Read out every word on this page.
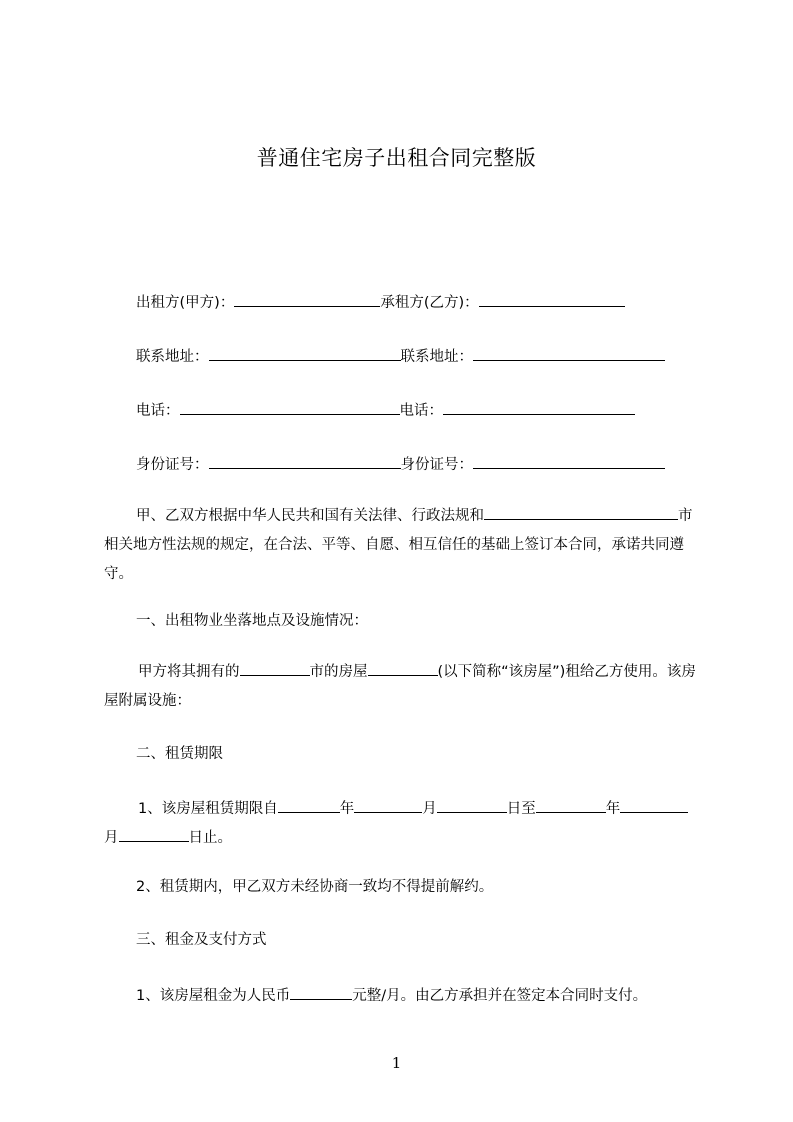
普通住宅房子出租合同完整版
出租方(甲方)：	承租方(乙方)：
联系地址：	联系地址：
电话：	电话：
身份证号：	身份证号：
甲、乙双方根据中华人民共和国有关法律、行政法规和	市相关地方性法规的规定，在合法、平等、自愿、相互信任的基础上签订本合同，承诺共同遵守。
一、出租物业坐落地点及设施情况：
甲方将其拥有的	市的房屋	(以下简称“该房屋”)租给乙方使用。该房屋附属设施：
二、租赁期限
1、该房屋租赁期限自	年	月	日至	年月	日止。
2、租赁期内，甲乙双方未经协商一致均不得提前解约。
三、租金及支付方式
1、该房屋租金为人民币	元整/月。由乙方承担并在签定本合同时支付。
1
